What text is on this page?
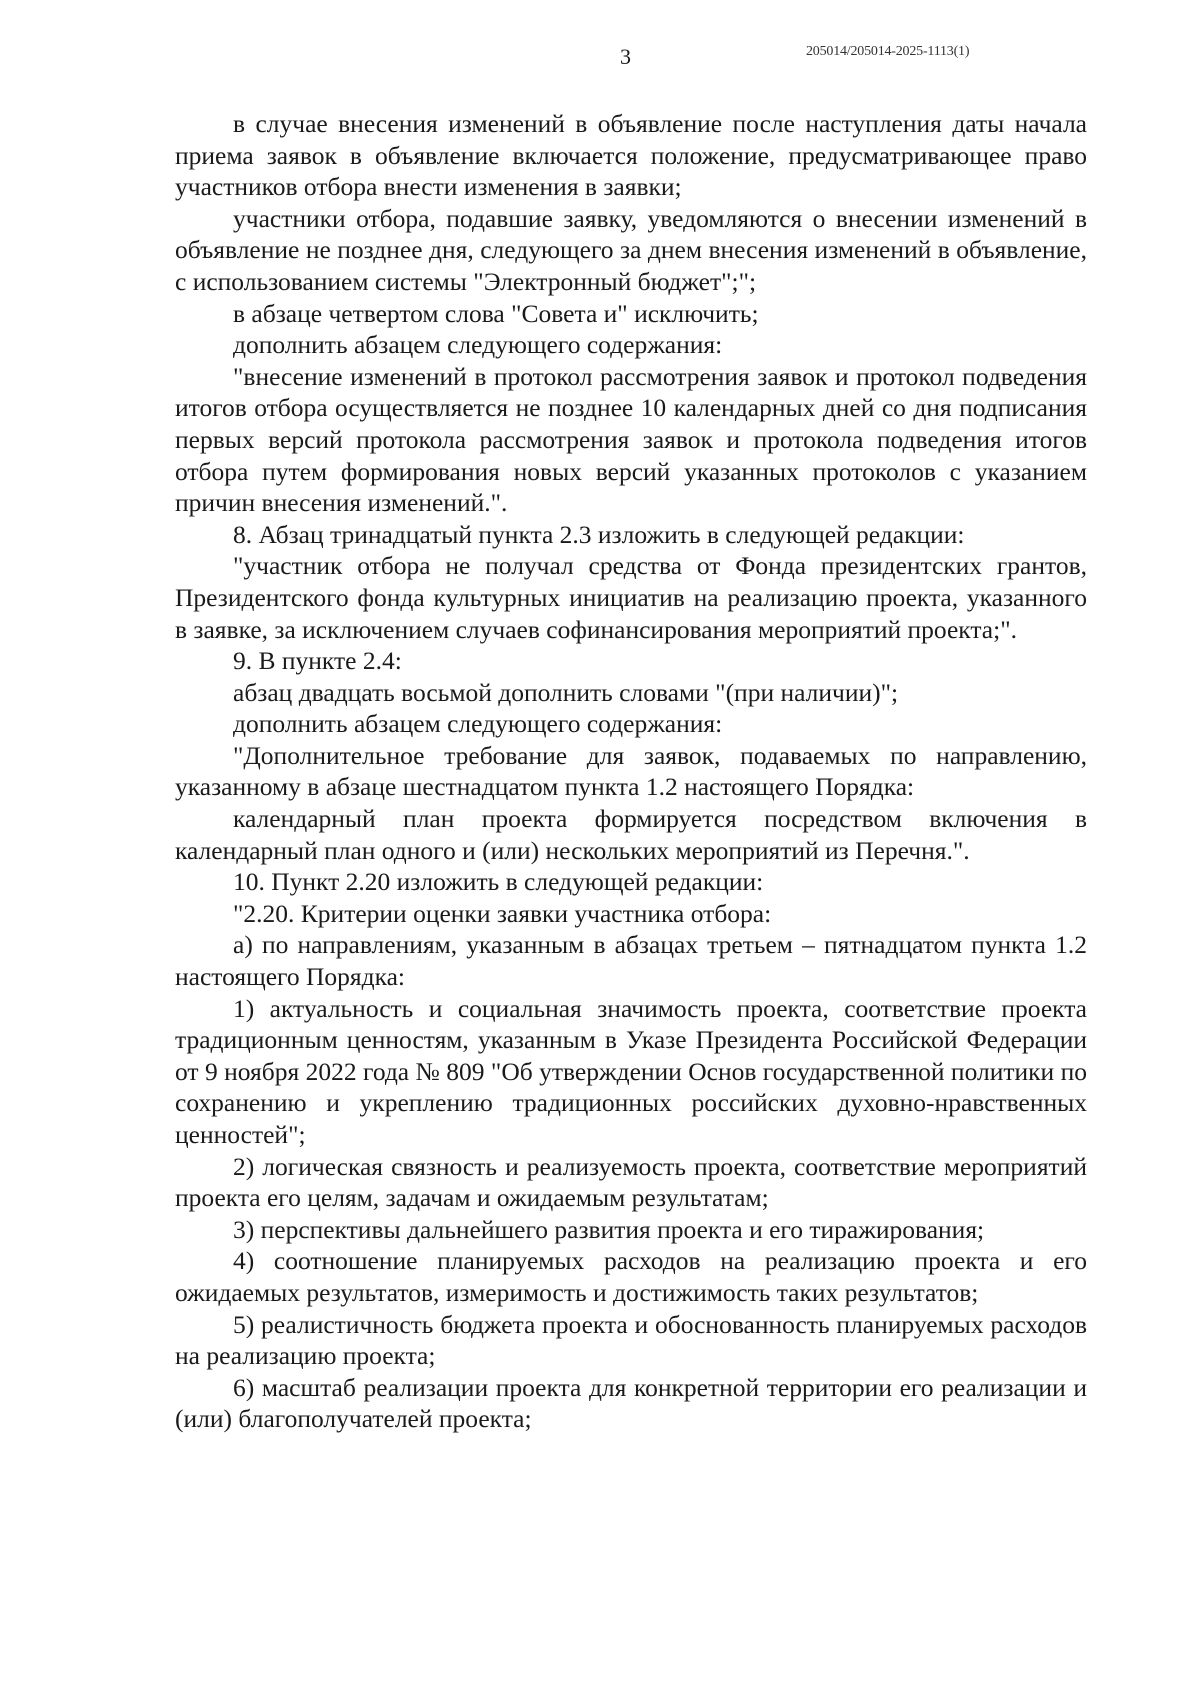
3	205014/205014-2025-1113(1)

в случае внесения изменений в объявление после наступления даты начала приема заявок в объявление включается положение, предусматривающее право участников отбора внести изменения в заявки;

участники отбора, подавшие заявку, уведомляются о внесении изменений в объявление не позднее дня, следующего за днем внесения изменений в объявление, с использованием системы "Электронный бюджет";";

в абзаце четвертом слова "Совета и" исключить;

дополнить абзацем следующего содержания:

"внесение изменений в протокол рассмотрения заявок и протокол подведения итогов отбора осуществляется не позднее 10 календарных дней со дня подписания первых версий протокола рассмотрения заявок и протокола подведения итогов отбора путем формирования новых версий указанных протоколов с указанием причин внесения изменений.".

8. Абзац тринадцатый пункта 2.3 изложить в следующей редакции:

"участник отбора не получал средства от Фонда президентских грантов, Президентского фонда культурных инициатив на реализацию проекта, указанного в заявке, за исключением случаев софинансирования мероприятий проекта;".

9. В пункте 2.4:

абзац двадцать восьмой дополнить словами "(при наличии)";

дополнить абзацем следующего содержания:

"Дополнительное требование для заявок, подаваемых по направлению, указанному в абзаце шестнадцатом пункта 1.2 настоящего Порядка:

календарный план проекта формируется посредством включения в календарный план одного и (или) нескольких мероприятий из Перечня.".

10. Пункт 2.20 изложить в следующей редакции:

"2.20. Критерии оценки заявки участника отбора:

а) по направлениям, указанным в абзацах третьем – пятнадцатом пункта 1.2 настоящего Порядка:

1) актуальность и социальная значимость проекта, соответствие проекта традиционным ценностям, указанным в Указе Президента Российской Федерации от 9 ноября 2022 года № 809 "Об утверждении Основ государственной политики по сохранению и укреплению традиционных российских духовно-нравственных ценностей";

2) логическая связность и реализуемость проекта, соответствие мероприятий проекта его целям, задачам и ожидаемым результатам;

3) перспективы дальнейшего развития проекта и его тиражирования;

4) соотношение планируемых расходов на реализацию проекта и его ожидаемых результатов, измеримость и достижимость таких результатов;

5) реалистичность бюджета проекта и обоснованность планируемых расходов на реализацию проекта;

6) масштаб реализации проекта для конкретной территории его реализации и (или) благополучателей проекта;
